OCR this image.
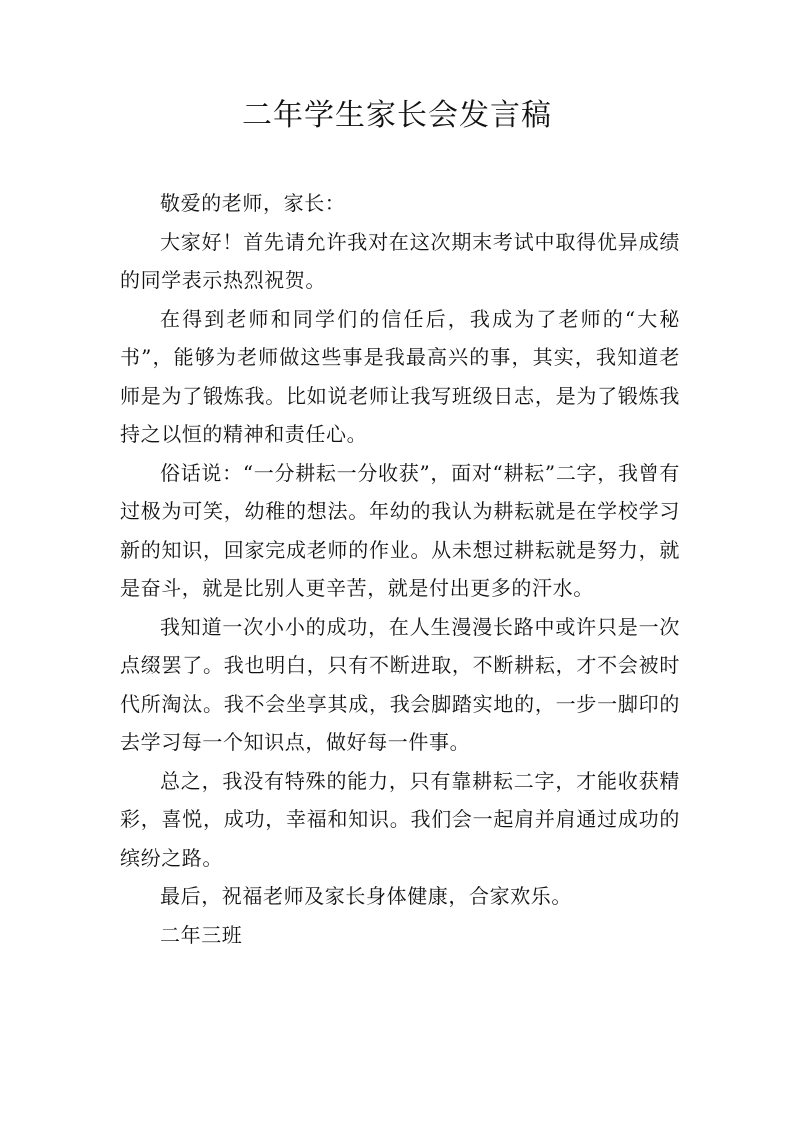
二年学生家长会发言稿

敬爱的老师，家长：

大家好！首先请允许我对在这次期末考试中取得优异成绩的同学表示热烈祝贺。

在得到老师和同学们的信任后，我成为了老师的“大秘书”，能够为老师做这些事是我最高兴的事，其实，我知道老师是为了锻炼我。比如说老师让我写班级日志，是为了锻炼我持之以恒的精神和责任心。

俗话说：“一分耕耘一分收获”，面对“耕耘”二字，我曾有过极为可笑，幼稚的想法。年幼的我认为耕耘就是在学校学习新的知识，回家完成老师的作业。从未想过耕耘就是努力，就是奋斗，就是比别人更辛苦，就是付出更多的汗水。

我知道一次小小的成功，在人生漫漫长路中或许只是一次点缀罢了。我也明白，只有不断进取，不断耕耘，才不会被时代所淘汰。我不会坐享其成，我会脚踏实地的，一步一脚印的去学习每一个知识点，做好每一件事。

总之，我没有特殊的能力，只有靠耕耘二字，才能收获精彩，喜悦，成功，幸福和知识。我们会一起肩并肩通过成功的缤纷之路。

最后，祝福老师及家长身体健康，合家欢乐。

二年三班
